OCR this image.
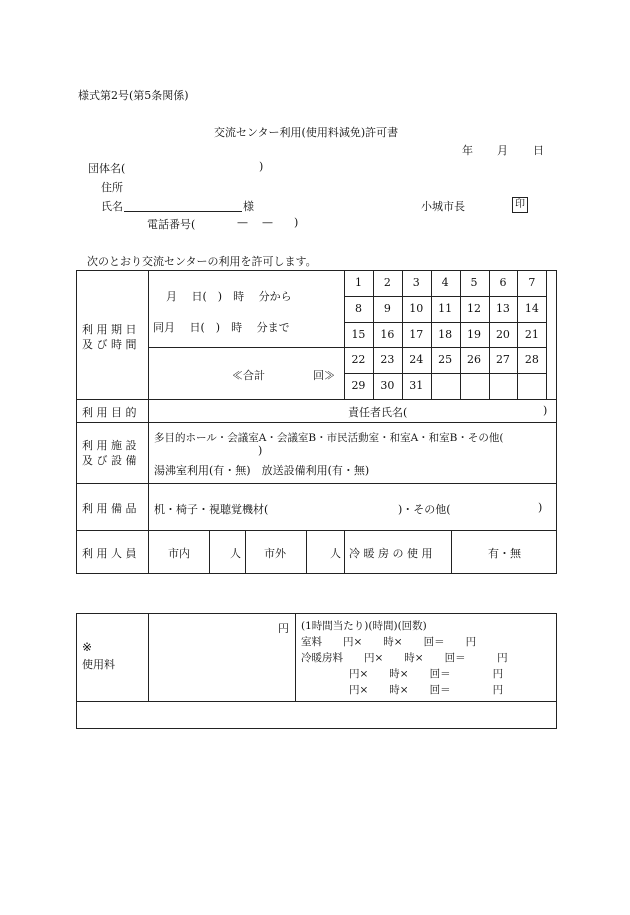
様式第2号(第5条関係)
交流センター利用(使用料減免)許可書
年 月 日
団体名(	)
住所
氏名	様	小城市長	印
電話番号(	— — )
次のとおり交流センターの利用を許可します。
利 用 期 日
及 び 時 間
月　 日(　)　時　 分から
同月　 日(　)　時　 分まで
≪合計	回≫
1	2	3	4	5	6	7
8	9	10	11	12	13	14
15	16	17	18	19	20	21
22	23	24	25	26	27	28
29	30	31
利 用 目 的	責任者氏名(	)
利 用 施 設
及 び 設 備
多目的ホール・会議室A・会議室B・市民活動室・和室A・和室B・その他(
)
湯沸室利用(有・無)　放送設備利用(有・無)
利 用 備 品 机・椅子・視聴覚機材(	)・その他(	)
利 用 人 員	市内	人 市外	人 冷 暖 房 の 使 用	有・無
※
使用料
円 (1時間当たり)(時間)(回数)
室料　　円×　　時×　　回＝　　円
冷暖房料　　円×　　時×　　回＝　　　円
円×　　時×　　回＝　　　　円
円×　　時×　　回＝　　　　円
